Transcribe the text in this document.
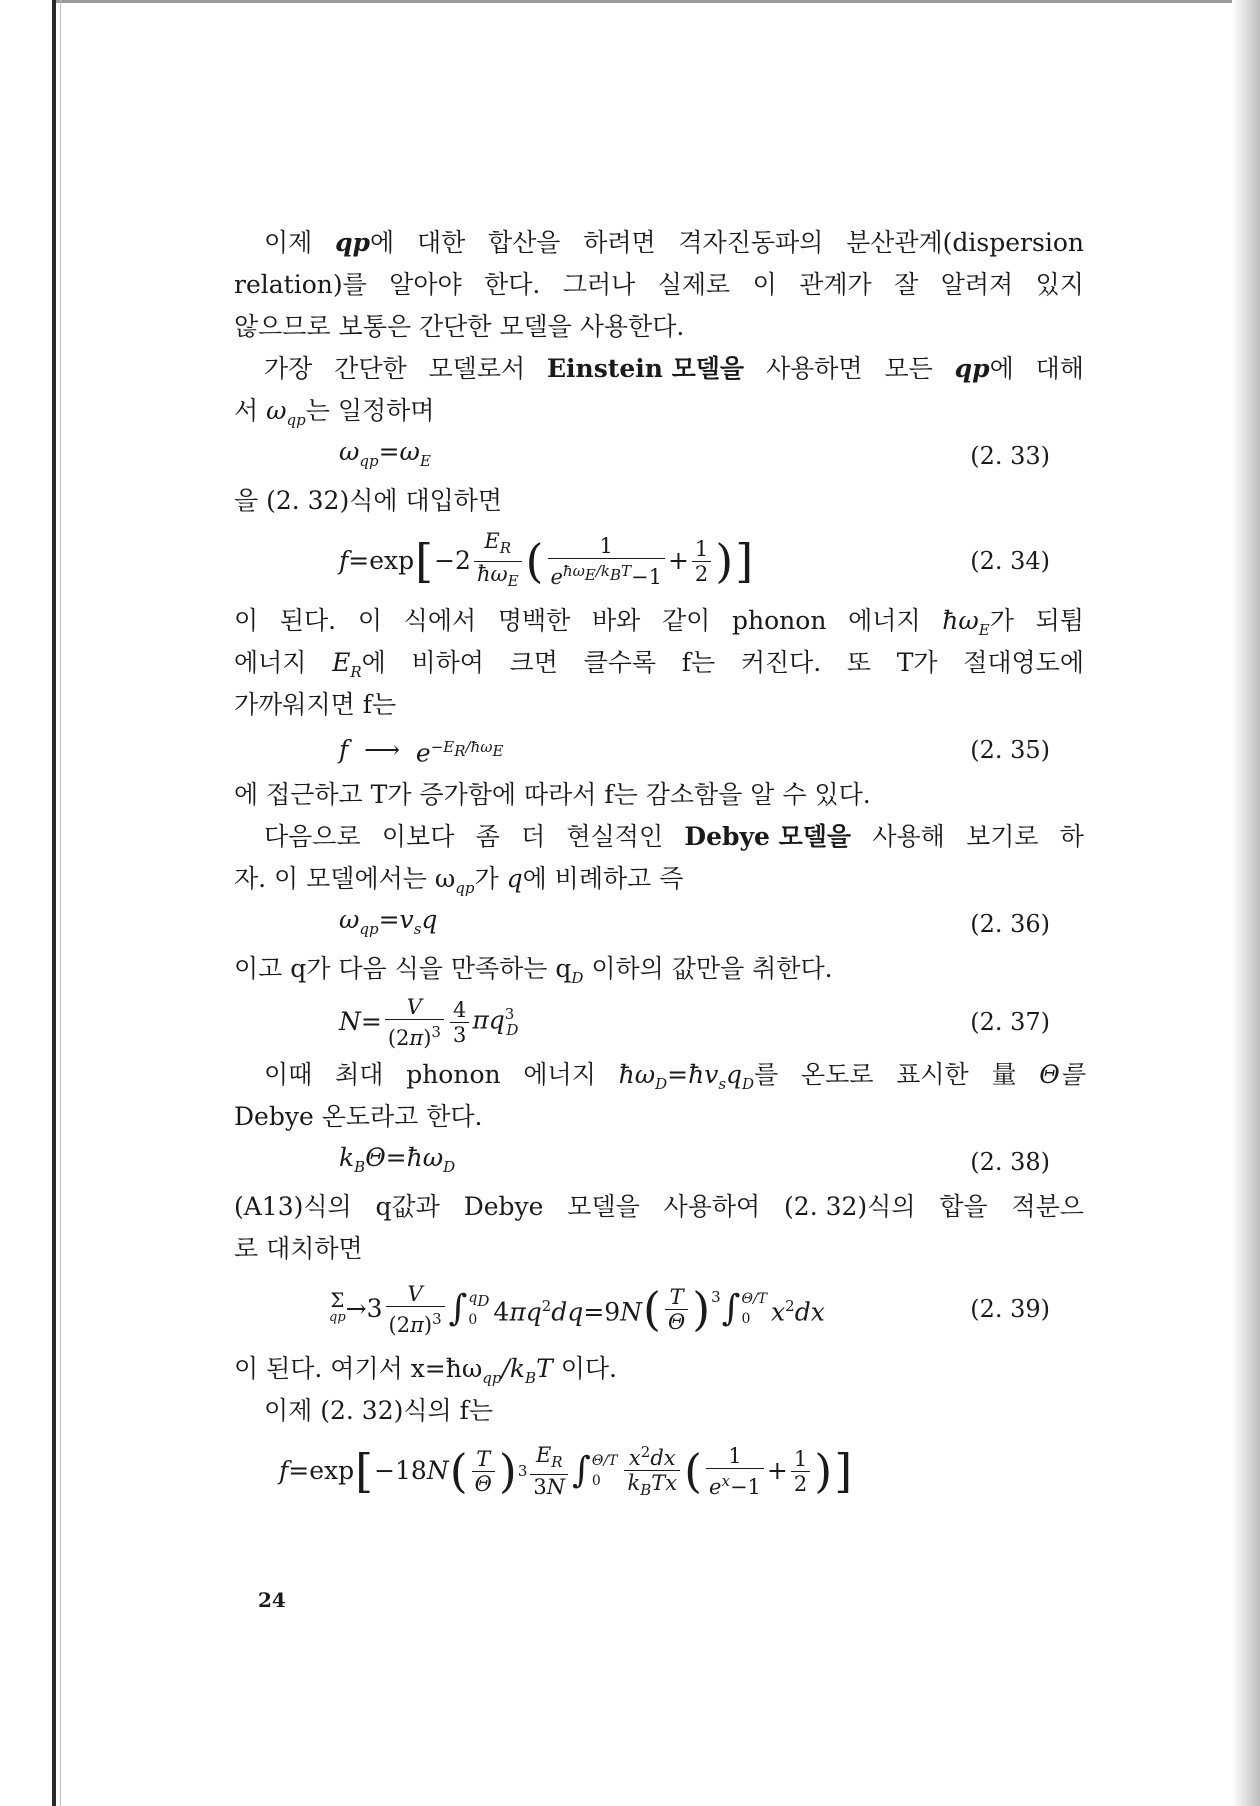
이제 qp에 대한 합산을 하려면 격자진동파의 분산관계(dispersion
relation)를 알아야 한다. 그러나 실제로 이 관계가 잘 알려져 있지
않으므로 보통은 간단한 모델을 사용한다.
가장 간단한 모델로서 Einstein 모델을 사용하면 모든 qp에 대해
서 $\omega_{qp}$는 일정하며
$\omega_{qp}=\omega_E$	(2. 33)
을 (2. 32)식에 대입하면
f =exp [ $-2 \frac{E_R}{ħ\omega_E}$ ( $\frac{1}{e^{ħ\omega_E/k_BT}-1} + \frac{1}{2}$ ) ]	(2. 34)
이 된다. 이 식에서 명백한 바와 같이 phonon 에너지 $ħ\omega_E$가 되튐
에너지 $E_R$에 비하여 크면 클수록 f는 커진다. 또 T가 절대영도에
가까워지면 f는
f ⟶ $e^{-E_R/ħ\omega_E}$	(2. 35)
에 접근하고 T가 증가함에 따라서 f는 감소함을 알 수 있다.
다음으로 이보다 좀 더 현실적인 Debye 모델을 사용해 보기로 하
자. 이 모델에서는 $\omega_{qp}$가 q에 비례하고 즉
$\omega_{qp}=v_sq$	(2. 36)
이고 q가 다음 식을 만족하는 $q_D$ 이하의 값만을 취한다.
$N = \frac{V}{(2\pi)^3} \frac{4}{3} \pi q^3_D$	(2. 37)
이때 최대 phonon 에너지 $ħ\omega_D=ħv_sq_D$를 온도로 표시한 量 Θ를
Debye 온도라고 한다.
$k_B\Theta=ħ\omega_D$	(2. 38)
(A13)식의 q값과 Debye 모델을 사용하여 (2. 32)식의 합을 적분으
로 대치하면
Σ
qp $\to 3 \frac{V}{(2\pi)^3}$ ∫ $q_D$
0 $4\pi q^2dq=9N$ ( $\frac{T}{\Theta} )^3$ ∫ Θ/T
0 $x^2dx$	(2. 39)
이 된다. 여기서 $x=ħ\omega_{qp}/k_BT$ 이다.
이제 (2. 32)식의 f는
f =exp [ −18 N ( $\frac{T}{\Theta}$ ) $3 \frac{E_R}{3N}$ ∫ Θ/T
0	$\frac{x^2dx}{k_BTx}$ ( $\frac{1}{e^x-1} + \frac{1}{2}$ ) ]
24
